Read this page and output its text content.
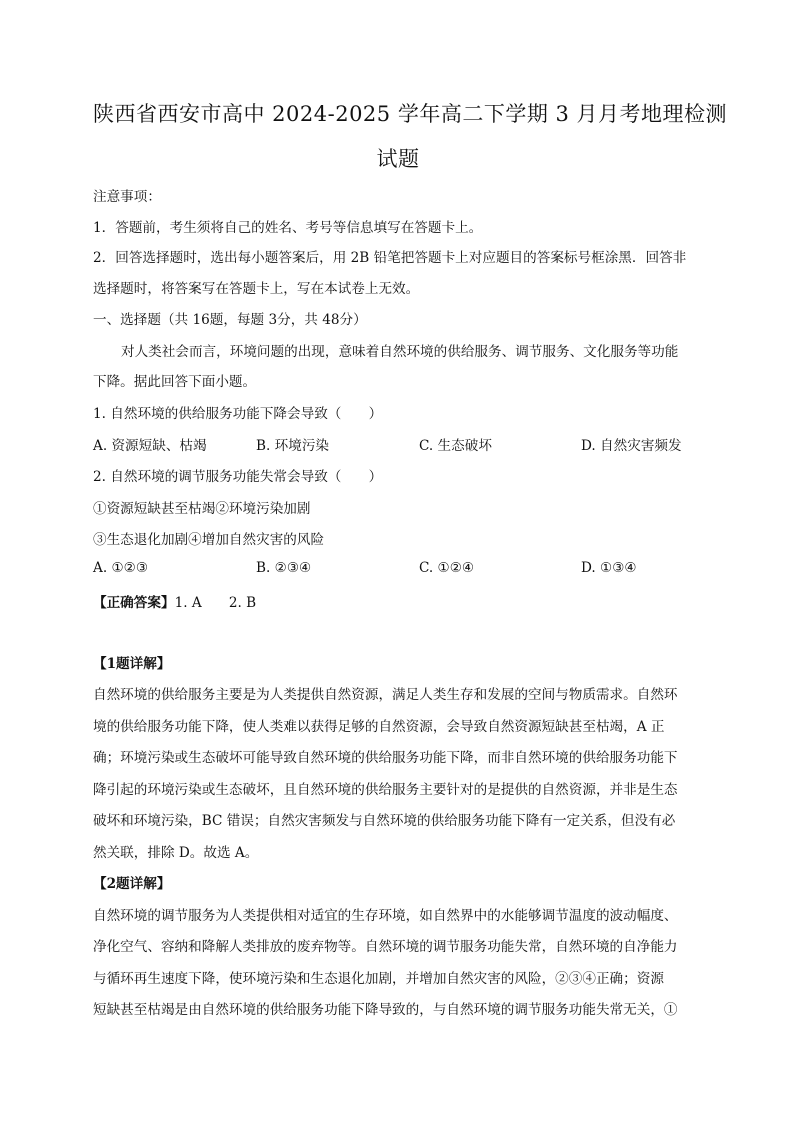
陕西省西安市高中 2024-2025 学年高二下学期 3 月月考地理检测
试题
注意事项：
1．答题前，考生须将自己的姓名、考号等信息填写在答题卡上。
2．回答选择题时，选出每小题答案后，用 2B 铅笔把答题卡上对应题目的答案标号框涂黑．回答非
选择题时，将答案写在答题卡上，写在本试卷上无效。
一、选择题（共 16题，每题 3分，共 48分）
对人类社会而言，环境问题的出现，意味着自然环境的供给服务、调节服务、文化服务等功能
下降。据此回答下面小题。
1. 自然环境的供给服务功能下降会导致（　　）
A. 资源短缺、枯竭	B. 环境污染	C. 生态破坏	D. 自然灾害频发
2. 自然环境的调节服务功能失常会导致（　　）
①资源短缺甚至枯竭②环境污染加剧
③生态退化加剧④增加自然灾害的风险
A. ①②③	B. ②③④	C. ①②④	D. ①③④
【正确答案】1. A　　2. B
【1题详解】
自然环境的供给服务主要是为人类提供自然资源，满足人类生存和发展的空间与物质需求。自然环
境的供给服务功能下降，使人类难以获得足够的自然资源，会导致自然资源短缺甚至枯竭，A 正
确；环境污染或生态破坏可能导致自然环境的供给服务功能下降，而非自然环境的供给服务功能下
降引起的环境污染或生态破坏，且自然环境的供给服务主要针对的是提供的自然资源，并非是生态
破坏和环境污染，BC 错误；自然灾害频发与自然环境的供给服务功能下降有一定关系，但没有必
然关联，排除 D。故选 A。
【2题详解】
自然环境的调节服务为人类提供相对适宜的生存环境，如自然界中的水能够调节温度的波动幅度、
净化空气、容纳和降解人类排放的废弃物等。自然环境的调节服务功能失常，自然环境的自净能力
与循环再生速度下降，使环境污染和生态退化加剧，并增加自然灾害的风险，②③④正确；资源
短缺甚至枯竭是由自然环境的供给服务功能下降导致的，与自然环境的调节服务功能失常无关，①
